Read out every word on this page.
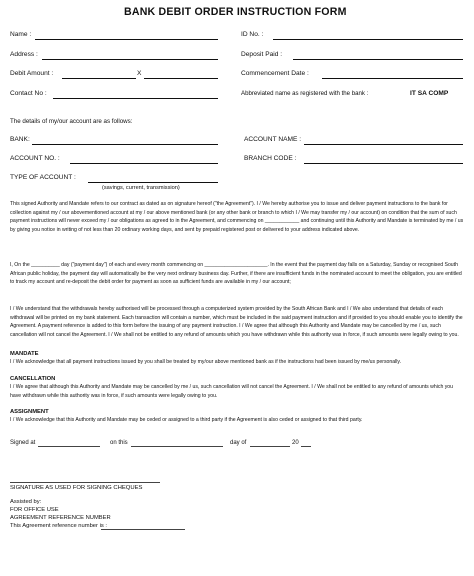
BANK DEBIT ORDER INSTRUCTION FORM
Name :	ID No. :
Address :	Deposit Paid :
Debit Amount :	X	Commencement Date :
Contact No :	Abbreviated name as registered with the bank :	IT SA COMP
The details of my/our account are as follows:
BANK:	ACCOUNT NAME :
ACCOUNT NO. :	BRANCH CODE :
TYPE OF ACCOUNT :
(savings, current, transmission)
This signed Authority and Mandate refers to our contract as dated as on signature hereof ("the Agreement"). I / We hereby authorise you to issue and deliver payment instructions to the bank for collection against my / our abovementioned account at my / our above mentioned bank (or any other bank or branch to which I / We may transfer my / our account) on condition that the sum of such payment instructions will never exceed my / our obligations as agreed to in the Agreement, and commencing on ____________ and continuing until this Authority and Mandate is terminated by me / us by giving you notice in writing of not less than 20 ordinary working days, and sent by prepaid registered post or delivered to your address indicated above.
I, On the __________ day ("payment day") of each and every month commencing on ______________________. In the event that the payment day falls on a Saturday, Sunday or recognised South African public holiday, the payment day will automatically be the very next ordinary business day. Further, if there are insufficient funds in the nominated account to meet the obligation, you are entitled to track my account and re-deposit the debit order for payment as soon as sufficient funds are available in my / our account;
I / We understand that the withdrawals hereby authorised will be processed through a computerized system provided by the South African Bank and I / We also understand that details of each withdrawal will be printed on my bank statement. Each transaction will contain a number, which must be included in the said payment instruction and if provided to you should enable you to identify the Agreement. A payment reference is added to this form before the issuing of any payment instruction. I / We agree that although this Authority and Mandate may be cancelled by me / us, such cancellation will not cancel the Agreement. I / We shall not be entitled to any refund of amounts which you have withdrawn while this authority was in force, if such amounts were legally owing to you.
MANDATE
I / We acknowledge that all payment instructions issued by you shall be treated by my/our above mentioned bank as if the instructions had been issued by me/us personally.
CANCELLATION
I / We agree that although this Authority and Mandate may be cancelled by me / us, such cancellation will not cancel the Agreement. I / We shall not be entitled to any refund of amounts which you have withdrawn while this authority was in force, if such amounts were legally owing to you.
ASSIGNMENT
I / We acknowledge that this Authority and Mandate may be ceded or assigned to a third party if the Agreement is also ceded or assigned to that third party.
Signed at	on this	day of	20
SIGNATURE AS USED FOR SIGNING CHEQUES
Assisted by:
FOR OFFICE USE
AGREEMENT REFERENCE NUMBER
This Agreement reference number is :
